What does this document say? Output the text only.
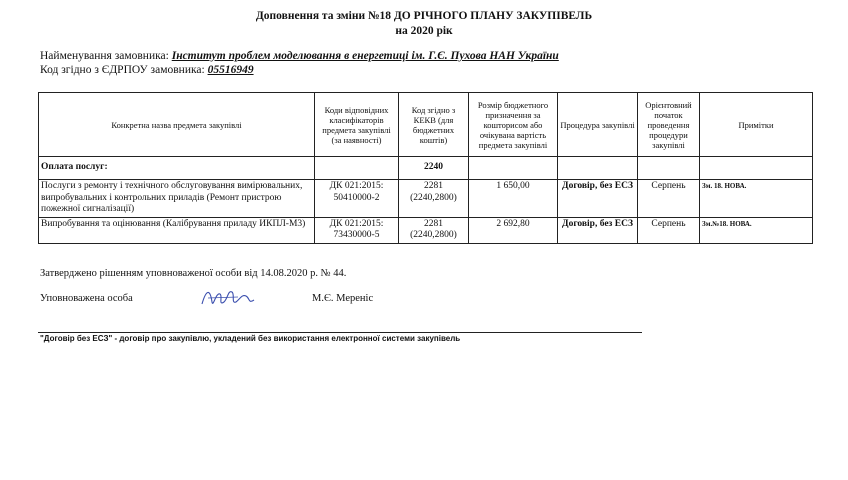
Доповнення та зміни №18 ДО РІЧНОГО ПЛАНУ ЗАКУПІВЕЛЬ
на 2020 рік
Найменування замовника: Інститут проблем моделювання в енергетиці ім. Г.Є. Пухова НАН України
Код згідно з ЄДРПОУ замовника: 05516949
Конкретна назва предмета закупівлі	Коди відповідних класифікаторів предмета закупівлі (за наявності)	Код згідно з КЕКВ (для бюджетних коштів)	Розмір бюджетного призначення за кошторисом або очікувана вартість предмета закупівлі	Процедура закупівлі	Орієнтовний початок проведення процедури закупівлі	Примітки
Оплата послуг:		2240				
Послуги з ремонту і технічного обслуговування вимірювальних, випробувальних і контрольних приладів (Ремонт пристрою пожежної сигналізації)	ДК 021:2015:
50410000-2	2281
(2240,2800)	1 650,00	Договір, без ЕСЗ	Серпень	Зм. 18. НОВА.
Випробування та оцінювання (Калібрування приладу ИКПЛ-М3)	ДК 021:2015:
73430000-5	2281
(2240,2800)	2 692,80	Договір, без ЕСЗ	Серпень	Зм.№18. НОВА.
Затверджено рішенням уповноваженої особи від 14.08.2020 р. № 44.
Уповноважена особа	М.Є. Мереніс
"Договір без ЕСЗ" - договір про закупівлю, укладений без використання електронної системи закупівель
